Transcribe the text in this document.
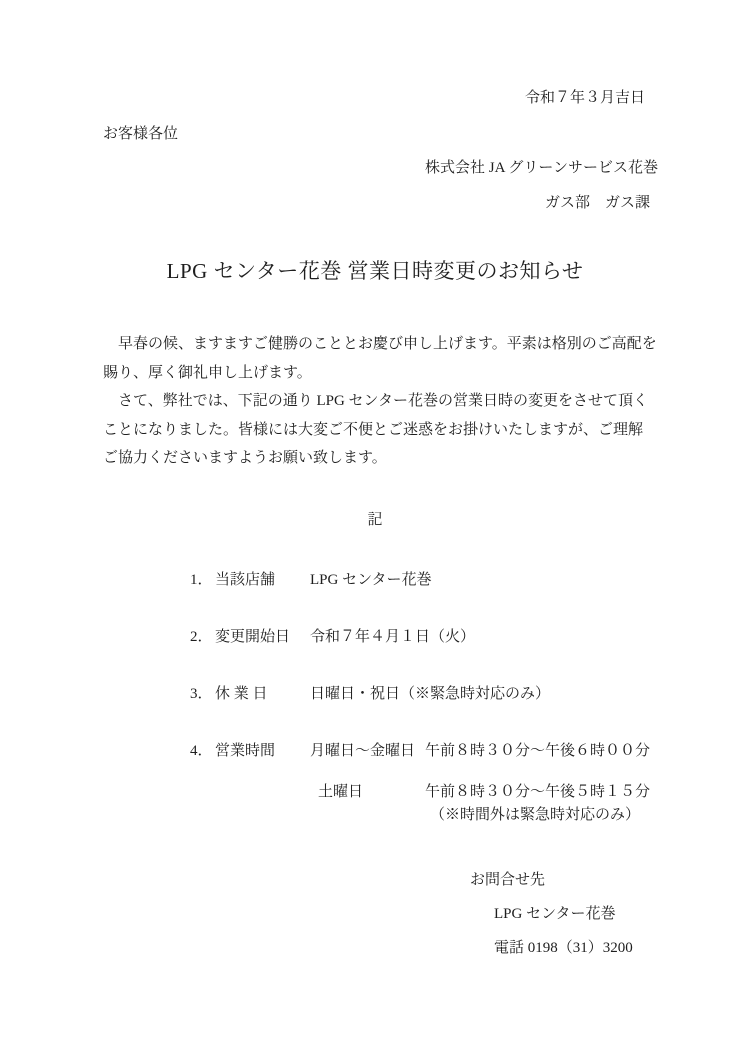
令和７年３月吉日
お客様各位
株式会社 JA グリーンサービス花巻
ガス部　ガス課
LPG センター花巻 営業日時変更のお知らせ
　早春の候、ますますご健勝のこととお慶び申し上げます。平素は格別のご高配を
賜り、厚く御礼申し上げます。
　さて、弊社では、下記の通り LPG センター花巻の営業日時の変更をさせて頂く
ことになりました。皆様には大変ご不便とご迷惑をお掛けいたしますが、ご理解
ご協力くださいますようお願い致します。
記
1． 当該店舗 LPG センター花巻
2． 変更開始日 令和７年４月１日（火）
3． 休 業 日	日曜日・祝日（※緊急時対応のみ）
4． 営業時間 月曜日～金曜日 午前８時３０分～午後６時００分
土曜日	午前８時３０分～午後５時１５分
（※時間外は緊急時対応のみ）
お問合せ先
LPG センター花巻
電話 0198（31）3200
